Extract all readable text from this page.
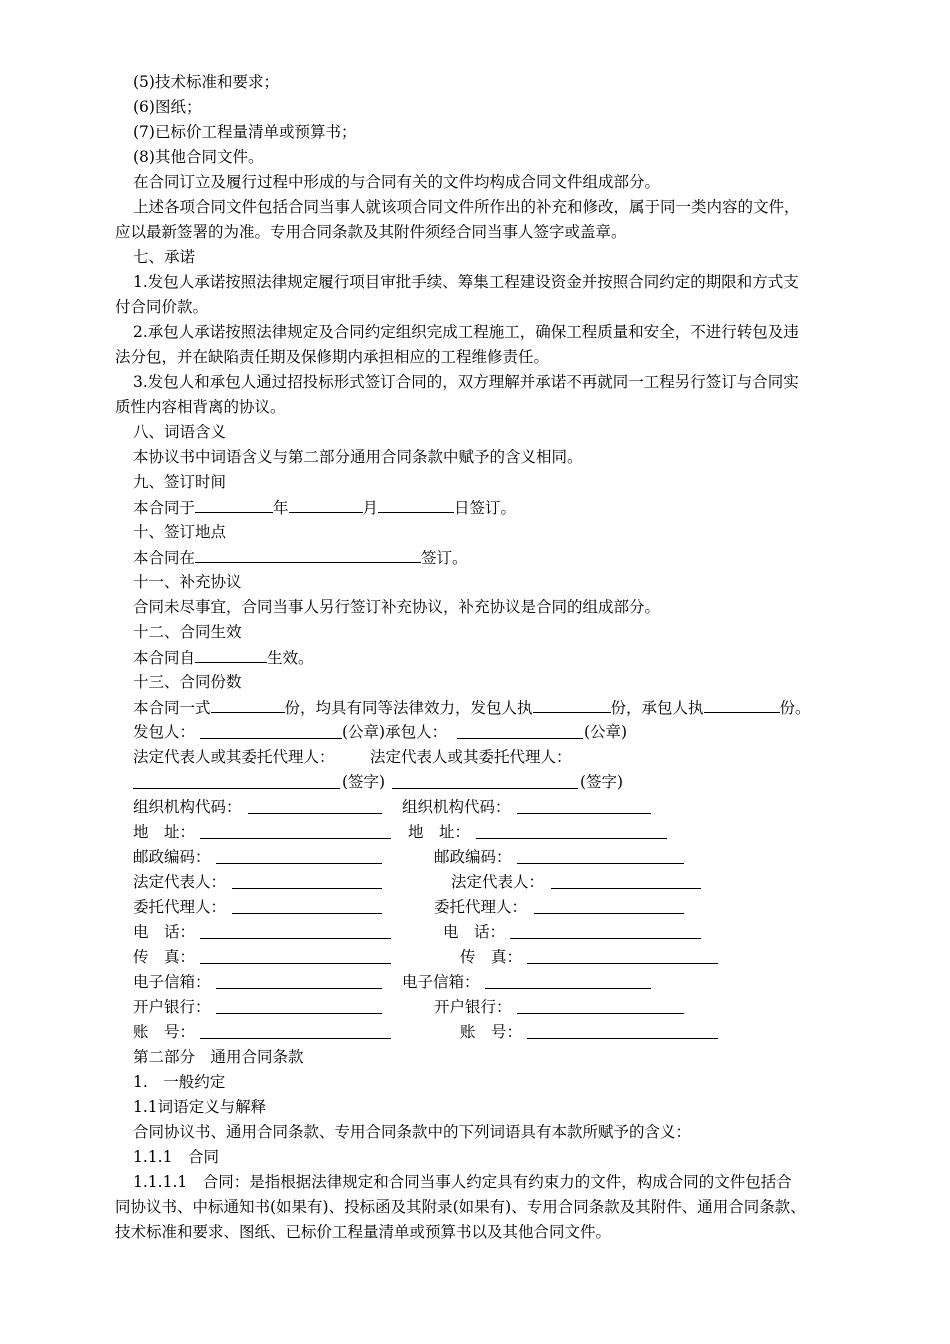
(5)技术标准和要求；
(6)图纸；
(7)已标价工程量清单或预算书；
(8)其他合同文件。
在合同订立及履行过程中形成的与合同有关的文件均构成合同文件组成部分。
上述各项合同文件包括合同当事人就该项合同文件所作出的补充和修改，属于同一类内容的文件，
应以最新签署的为准。专用合同条款及其附件须经合同当事人签字或盖章。
七、承诺
1.发包人承诺按照法律规定履行项目审批手续、筹集工程建设资金并按照合同约定的期限和方式支
付合同价款。
2.承包人承诺按照法律规定及合同约定组织完成工程施工，确保工程质量和安全，不进行转包及违
法分包，并在缺陷责任期及保修期内承担相应的工程维修责任。
3.发包人和承包人通过招投标形式签订合同的，双方理解并承诺不再就同一工程另行签订与合同实
质性内容相背离的协议。
八、词语含义
本协议书中词语含义与第二部分通用合同条款中赋予的含义相同。
九、签订时间
本合同于	年	月	日签订。
十、签订地点
本合同在	签订。
十一、补充协议
合同未尽事宜，合同当事人另行签订补充协议，补充协议是合同的组成部分。
十二、合同生效
本合同自	生效。
十三、合同份数
本合同一式	份，均具有同等法律效力，发包人执	份，承包人执	份。
发包人：	(公章)承包人：	(公章)
法定代表人或其委托代理人： 法定代表人或其委托代理人：
(签字)	(签字)
组织机构代码：	组织机构代码：
地　址：	地　址：
邮政编码：	邮政编码：
法定代表人：	法定代表人：
委托代理人：	委托代理人：
电　话：	电　话：
传　真：	传　真：
电子信箱：	电子信箱：
开户银行：	开户银行：
账　号：	账　号：
第二部分　通用合同条款
1.　一般约定
1.1词语定义与解释
合同协议书、通用合同条款、专用合同条款中的下列词语具有本款所赋予的含义：
1.1.1　合同
1.1.1.1　合同：是指根据法律规定和合同当事人约定具有约束力的文件，构成合同的文件包括合
同协议书、中标通知书(如果有)、投标函及其附录(如果有)、专用合同条款及其附件、通用合同条款、
技术标准和要求、图纸、已标价工程量清单或预算书以及其他合同文件。
